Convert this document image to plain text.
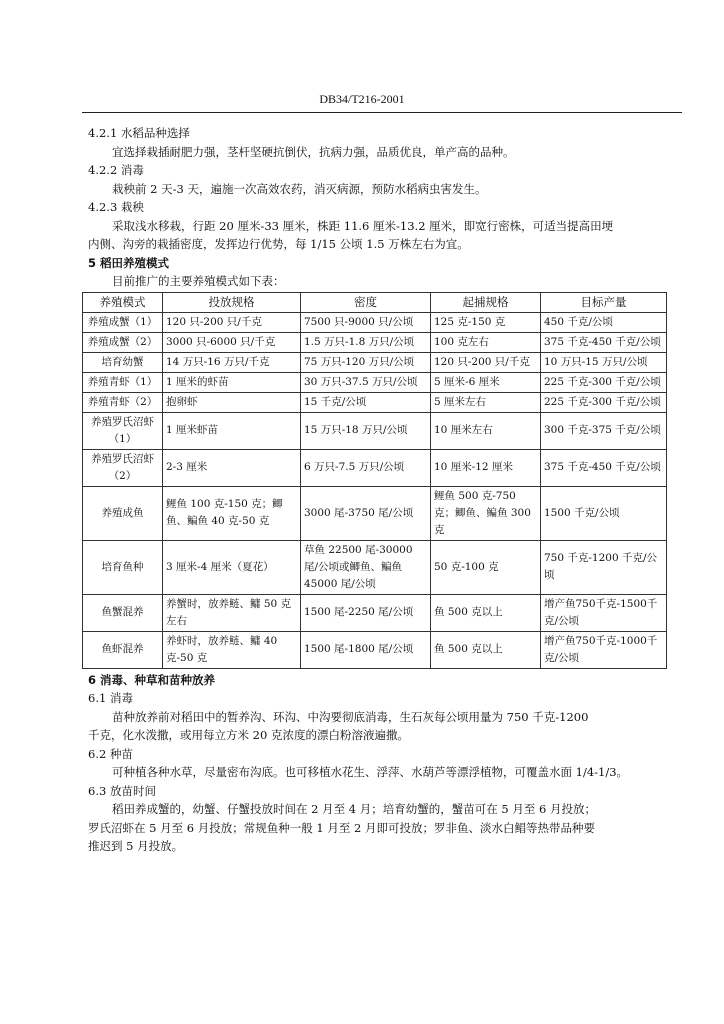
DB34/T216-2001
4.2.1 水稻品种选择
宜选择栽插耐肥力强，茎杆坚硬抗倒伏，抗病力强，品质优良，单产高的品种。
4.2.2 消毒
栽秧前 2 天-3 天，遍施一次高效农药，消灭病源，预防水稻病虫害发生。
4.2.3 栽秧
采取浅水移栽，行距 20 厘米-33 厘米，株距 11.6 厘米-13.2 厘米，即宽行密株，可适当提高田埂
内侧、沟旁的栽插密度，发挥边行优势，每 1/15 公顷 1.5 万株左右为宜。
5 稻田养殖模式
目前推广的主要养殖模式如下表：
养殖模式	投放规格	密度	起捕规格	目标产量
养殖成蟹（1）	120 只-200 只/千克	7500 只-9000 只/公顷	125 克-150 克	450 千克/公顷
养殖成蟹（2）	3000 只-6000 只/千克	1.5 万只-1.8 万只/公顷	100 克左右	375 千克-450 千克/公顷
培育幼蟹	14 万只-16 万只/千克	75 万只-120 万只/公顷	120 只-200 只/千克	10 万只-15 万只/公顷
养殖青虾（1）	1 厘米的虾苗	30 万只-37.5 万只/公顷	5 厘米-6 厘米	225 千克-300 千克/公顷
养殖青虾（2）	抱卵虾	15 千克/公顷	5 厘米左右	225 千克-300 千克/公顷
养殖罗氏沼虾（1）	1 厘米虾苗	15 万只-18 万只/公顷	10 厘米左右	300 千克-375 千克/公顷
养殖罗氏沼虾（2）	2-3 厘米	6 万只-7.5 万只/公顷	10 厘米-12 厘米	375 千克-450 千克/公顷
养殖成鱼	鲤鱼 100 克-150 克；鲫鱼、鳊鱼 40 克-50 克	3000 尾-3750 尾/公顷	鲤鱼 500 克-750 克；鲫鱼、鳊鱼 300 克	1500 千克/公顷
培育鱼种	3 厘米-4 厘米（夏花）	草鱼 22500 尾-30000 尾/公顷或鲫鱼、鳊鱼 45000 尾/公顷	50 克-100 克	750 千克-1200 千克/公顷
鱼蟹混养	养蟹时，放养鲢、鳙 50 克左右	1500 尾-2250 尾/公顷	鱼 500 克以上	增产鱼750千克-1500千克/公顷
鱼虾混养	养虾时，放养鲢、鳙 40 克-50 克	1500 尾-1800 尾/公顷	鱼 500 克以上	增产鱼750千克-1000千克/公顷
6 消毒、种草和苗种放养
6.1 消毒
苗种放养前对稻田中的暂养沟、环沟、中沟要彻底消毒，生石灰每公顷用量为 750 千克-1200
千克，化水泼撒，或用每立方米 20 克浓度的漂白粉溶液遍撒。
6.2 种苗
可种植各种水草，尽量密布沟底。也可移植水花生、浮萍、水葫芦等漂浮植物，可覆盖水面 1/4-1/3。
6.3 放苗时间
稻田养成蟹的，幼蟹、仔蟹投放时间在 2 月至 4 月；培育幼蟹的，蟹苗可在 5 月至 6 月投放；
罗氏沼虾在 5 月至 6 月投放；常规鱼种一般 1 月至 2 月即可投放；罗非鱼、淡水白鲳等热带品种要
推迟到 5 月投放。
